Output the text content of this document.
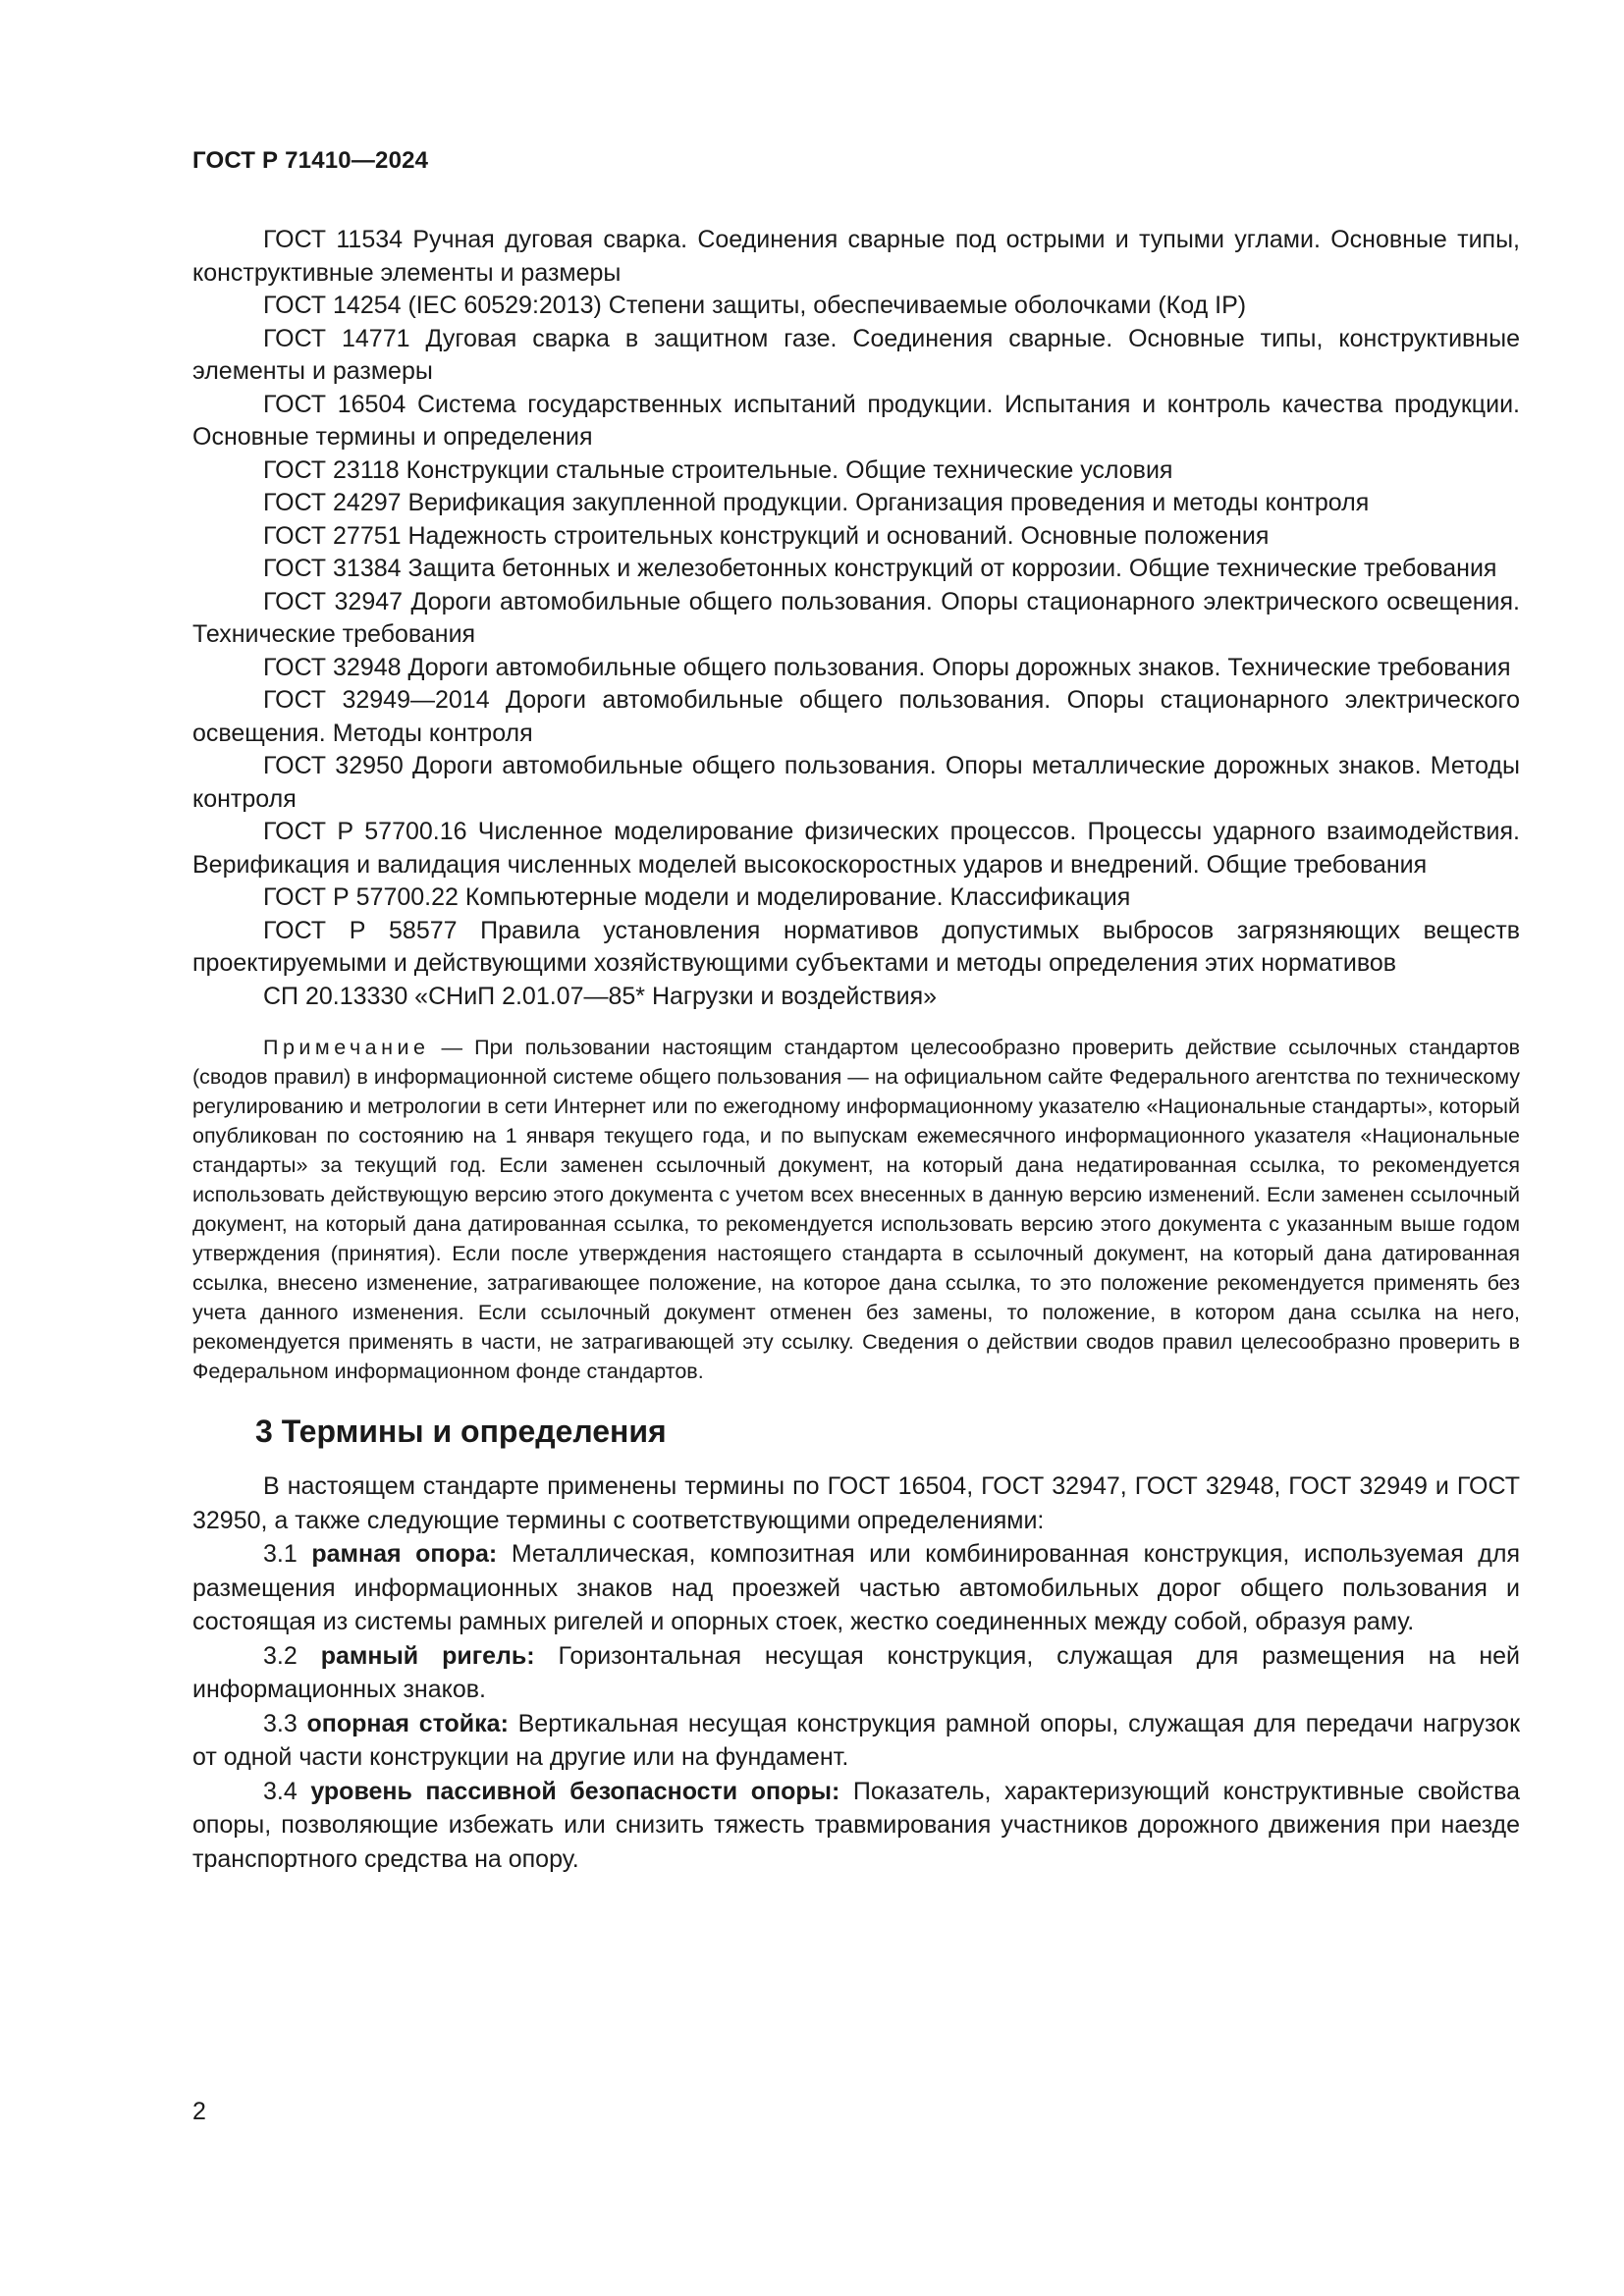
ГОСТ Р 71410—2024

ГОСТ 11534 Ручная дуговая сварка. Соединения сварные под острыми и тупыми углами. Основные типы, конструктивные элементы и размеры

ГОСТ 14254 (IEC 60529:2013) Степени защиты, обеспечиваемые оболочками (Код IP)

ГОСТ 14771 Дуговая сварка в защитном газе. Соединения сварные. Основные типы, конструктивные элементы и размеры

ГОСТ 16504 Система государственных испытаний продукции. Испытания и контроль качества продукции. Основные термины и определения

ГОСТ 23118 Конструкции стальные строительные. Общие технические условия

ГОСТ 24297 Верификация закупленной продукции. Организация проведения и методы контроля

ГОСТ 27751 Надежность строительных конструкций и оснований. Основные положения

ГОСТ 31384 Защита бетонных и железобетонных конструкций от коррозии. Общие технические требования

ГОСТ 32947 Дороги автомобильные общего пользования. Опоры стационарного электрического освещения. Технические требования

ГОСТ 32948 Дороги автомобильные общего пользования. Опоры дорожных знаков. Технические требования

ГОСТ 32949—2014 Дороги автомобильные общего пользования. Опоры стационарного электрического освещения. Методы контроля

ГОСТ 32950 Дороги автомобильные общего пользования. Опоры металлические дорожных знаков. Методы контроля

ГОСТ Р 57700.16 Численное моделирование физических процессов. Процессы ударного взаимодействия. Верификация и валидация численных моделей высокоскоростных ударов и внедрений. Общие требования

ГОСТ Р 57700.22 Компьютерные модели и моделирование. Классификация

ГОСТ Р 58577 Правила установления нормативов допустимых выбросов загрязняющих веществ проектируемыми и действующими хозяйствующими субъектами и методы определения этих нормативов

СП 20.13330 «СНиП 2.01.07—85* Нагрузки и воздействия»

Примечание — При пользовании настоящим стандартом целесообразно проверить действие ссылочных стандартов (сводов правил) в информационной системе общего пользования — на официальном сайте Федерального агентства по техническому регулированию и метрологии в сети Интернет или по ежегодному информационному указателю «Национальные стандарты», который опубликован по состоянию на 1 января текущего года, и по выпускам ежемесячного информационного указателя «Национальные стандарты» за текущий год. Если заменен ссылочный документ, на который дана недатированная ссылка, то рекомендуется использовать действующую версию этого документа с учетом всех внесенных в данную версию изменений. Если заменен ссылочный документ, на который дана датированная ссылка, то рекомендуется использовать версию этого документа с указанным выше годом утверждения (принятия). Если после утверждения настоящего стандарта в ссылочный документ, на который дана датированная ссылка, внесено изменение, затрагивающее положение, на которое дана ссылка, то это положение рекомендуется применять без учета данного изменения. Если ссылочный документ отменен без замены, то положение, в котором дана ссылка на него, рекомендуется применять в части, не затрагивающей эту ссылку. Сведения о действии сводов правил целесообразно проверить в Федеральном информационном фонде стандартов.

3 Термины и определения

В настоящем стандарте применены термины по ГОСТ 16504, ГОСТ 32947, ГОСТ 32948, ГОСТ 32949 и ГОСТ 32950, а также следующие термины с соответствующими определениями:

3.1 рамная опора: Металлическая, композитная или комбинированная конструкция, используемая для размещения информационных знаков над проезжей частью автомобильных дорог общего пользования и состоящая из системы рамных ригелей и опорных стоек, жестко соединенных между собой, образуя раму.

3.2 рамный ригель: Горизонтальная несущая конструкция, служащая для размещения на ней информационных знаков.

3.3 опорная стойка: Вертикальная несущая конструкция рамной опоры, служащая для передачи нагрузок от одной части конструкции на другие или на фундамент.

3.4 уровень пассивной безопасности опоры: Показатель, характеризующий конструктивные свойства опоры, позволяющие избежать или снизить тяжесть травмирования участников дорожного движения при наезде транспортного средства на опору.

2
